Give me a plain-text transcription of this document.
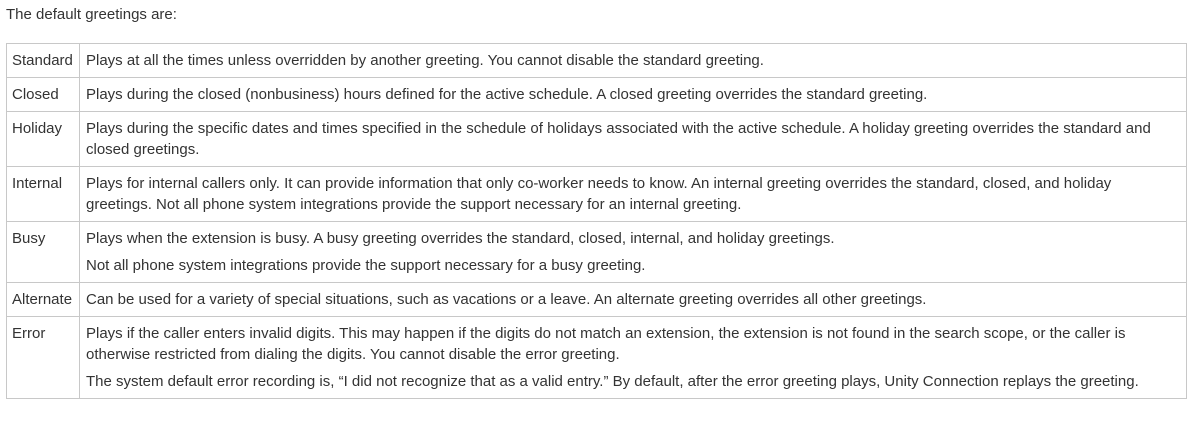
The default greetings are:

Standard	Plays at all the times unless overridden by another greeting. You cannot disable the standard greeting.

Closed	Plays during the closed (nonbusiness) hours defined for the active schedule. A closed greeting overrides the standard greeting.

Holiday	Plays during the specific dates and times specified in the schedule of holidays associated with the active schedule. A holiday greeting overrides the standard and closed greetings.

Internal	Plays for internal callers only. It can provide information that only co-worker needs to know. An internal greeting overrides the standard, closed, and holiday greetings. Not all phone system integrations provide the support necessary for an internal greeting.

Busy	Plays when the extension is busy. A busy greeting overrides the standard, closed, internal, and holiday greetings.

Not all phone system integrations provide the support necessary for a busy greeting.

Alternate	Can be used for a variety of special situations, such as vacations or a leave. An alternate greeting overrides all other greetings.

Error	Plays if the caller enters invalid digits. This may happen if the digits do not match an extension, the extension is not found in the search scope, or the caller is otherwise restricted from dialing the digits. You cannot disable the error greeting.

The system default error recording is, “I did not recognize that as a valid entry.” By default, after the error greeting plays, Unity Connection replays the greeting.
